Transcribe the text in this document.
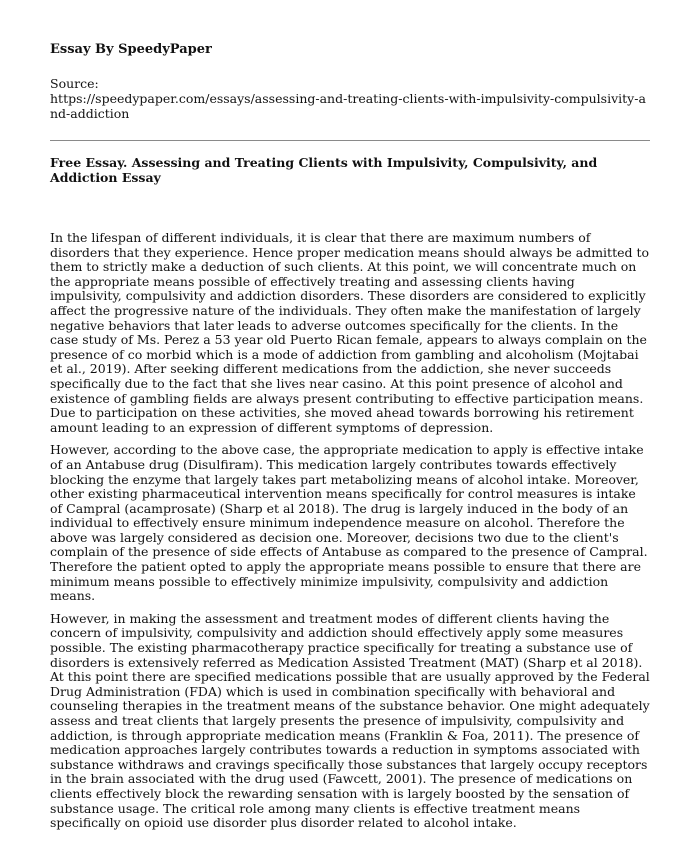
Essay By SpeedyPaper
Source:
https://speedypaper.com/essays/assessing-and-treating-clients-with-impulsivity-compulsivity-and-addiction
Free Essay. Assessing and Treating Clients with Impulsivity, Compulsivity, and Addiction Essay

In the lifespan of different individuals, it is clear that there are maximum numbers of disorders that they experience. Hence proper medication means should always be admitted to them to strictly make a deduction of such clients. At this point, we will concentrate much on the appropriate means possible of effectively treating and assessing clients having impulsivity, compulsivity and addiction disorders. These disorders are considered to explicitly affect the progressive nature of the individuals. They often make the manifestation of largely negative behaviors that later leads to adverse outcomes specifically for the clients. In the case study of Ms. Perez a 53 year old Puerto Rican female, appears to always complain on the presence of co morbid which is a mode of addiction from gambling and alcoholism (Mojtabai et al., 2019). After seeking different medications from the addiction, she never succeeds specifically due to the fact that she lives near casino. At this point presence of alcohol and existence of gambling fields are always present contributing to effective participation means. Due to participation on these activities, she moved ahead towards borrowing his retirement amount leading to an expression of different symptoms of depression.

However, according to the above case, the appropriate medication to apply is effective intake of an Antabuse drug (Disulfiram). This medication largely contributes towards effectively blocking the enzyme that largely takes part metabolizing means of alcohol intake. Moreover, other existing pharmaceutical intervention means specifically for control measures is intake of Campral (acamprosate) (Sharp et al 2018). The drug is largely induced in the body of an individual to effectively ensure minimum independence measure on alcohol. Therefore the above was largely considered as decision one. Moreover, decisions two due to the client's complain of the presence of side effects of Antabuse as compared to the presence of Campral. Therefore the patient opted to apply the appropriate means possible to ensure that there are minimum means possible to effectively minimize impulsivity, compulsivity and addiction means.

However, in making the assessment and treatment modes of different clients having the concern of impulsivity, compulsivity and addiction should effectively apply some measures possible. The existing pharmacotherapy practice specifically for treating a substance use of disorders is extensively referred as Medication Assisted Treatment (MAT) (Sharp et al 2018). At this point there are specified medications possible that are usually approved by the Federal Drug Administration (FDA) which is used in combination specifically with behavioral and counseling therapies in the treatment means of the substance behavior. One might adequately assess and treat clients that largely presents the presence of impulsivity, compulsivity and addiction, is through appropriate medication means (Franklin & Foa, 2011). The presence of medication approaches largely contributes towards a reduction in symptoms associated with substance withdraws and cravings specifically those substances that largely occupy receptors in the brain associated with the drug used (Fawcett, 2001). The presence of medications on clients effectively block the rewarding sensation with is largely boosted by the sensation of substance usage. The critical role among many clients is effective treatment means specifically on opioid use disorder plus disorder related to alcohol intake.
